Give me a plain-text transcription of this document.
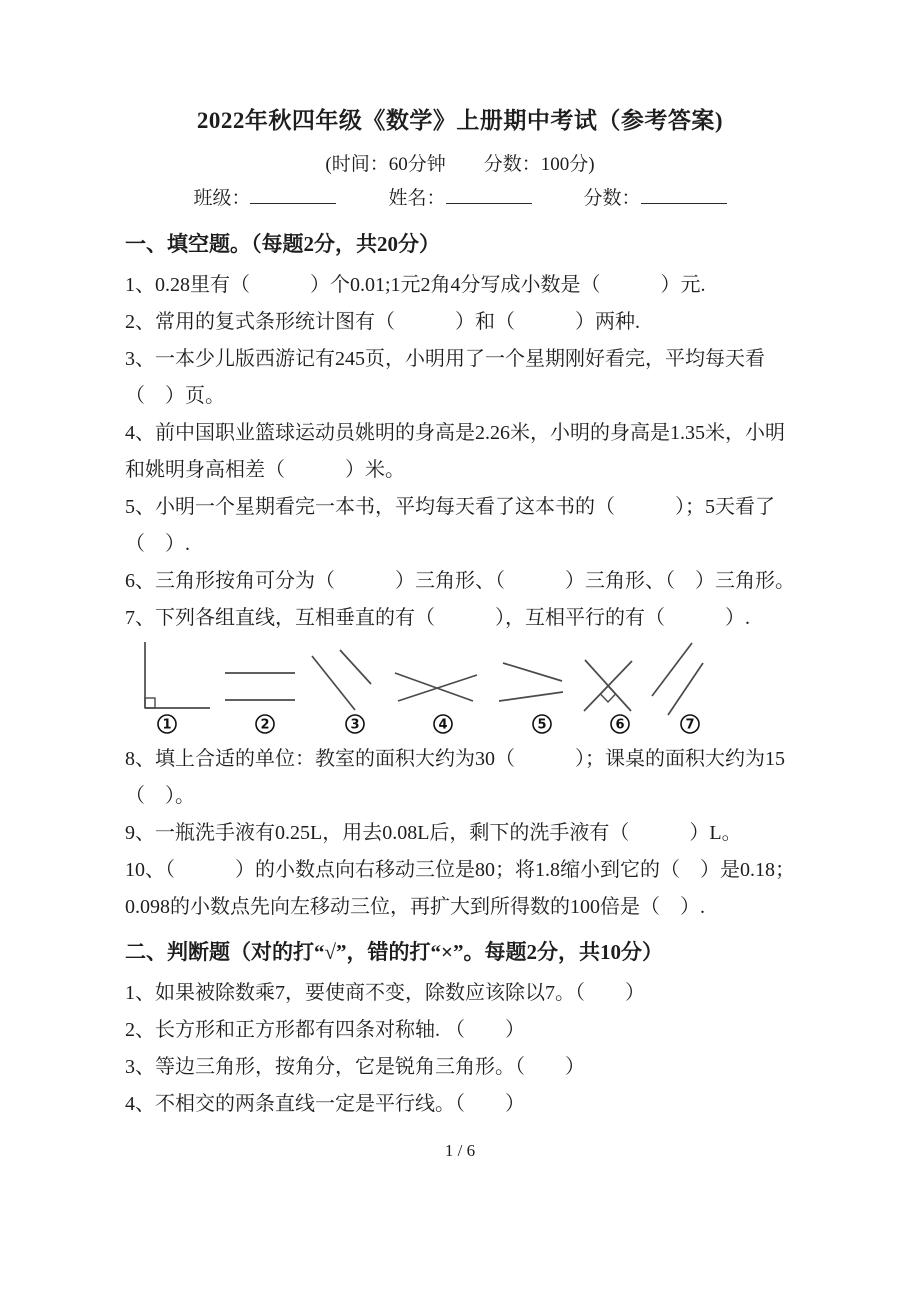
2022年秋四年级《数学》上册期中考试（参考答案)

(时间：60分钟　　分数：100分)

班级：	姓名：	分数：
一、填空题。（每题2分，共20分）

1、0.28里有（　　　）个0.01;1元2角4分写成小数是（　　　）元.

2、常用的复式条形统计图有（　　　）和（　　　）两种.

3、一本少儿版西游记有245页，小明用了一个星期刚好看完，平均每天看（　）页。

4、前中国职业篮球运动员姚明的身高是2.26米，小明的身高是1.35米，小明和姚明身高相差（　　　）米。

5、小明一个星期看完一本书，平均每天看了这本书的（　　　）；5天看了（　）.

6、三角形按角可分为（　　　）三角形、（　　　）三角形、（　）三角形。

7、下列各组直线，互相垂直的有（　　　），互相平行的有（　　　）.

1	2	3	4	5	6	7

8、填上合适的单位：教室的面积大约为30（　　　）；课桌的面积大约为15（　）。

9、一瓶洗手液有0.25L，用去0.08L后，剩下的洗手液有（　　　）L。

10、（　　　）的小数点向右移动三位是80；将1.8缩小到它的（　）是0.18；0.098的小数点先向左移动三位，再扩大到所得数的100倍是（　）.

二、判断题（对的打“√”，错的打“×”。每题2分，共10分）

1、如果被除数乘7，要使商不变，除数应该除以7。（　　）

2、长方形和正方形都有四条对称轴. （　　）

3、等边三角形，按角分，它是锐角三角形。（　　）

4、不相交的两条直线一定是平行线。（　　）

1 / 6
